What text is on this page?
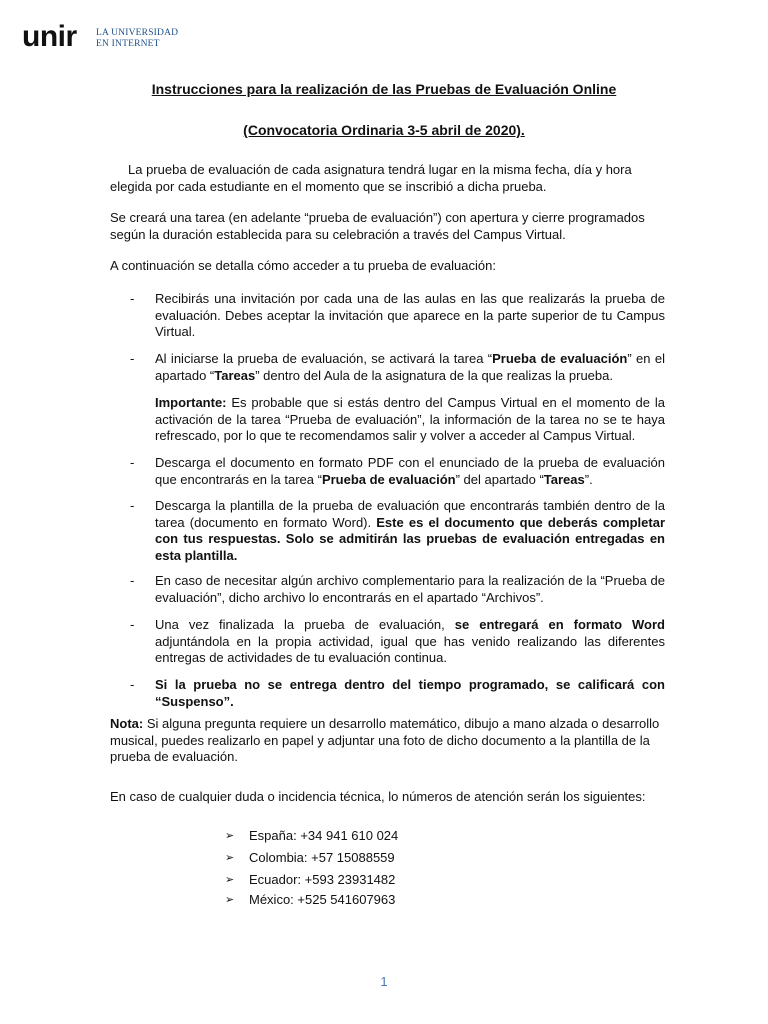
unir LA UNIVERSIDAD
EN INTERNET
Instrucciones para la realización de las Pruebas de Evaluación Online
(Convocatoria Ordinaria 3-5 abril de 2020).
La prueba de evaluación de cada asignatura tendrá lugar en la misma fecha, día y hora elegida por cada estudiante en el momento que se inscribió a dicha prueba.
Se creará una tarea (en adelante “prueba de evaluación”) con apertura y cierre programados según la duración establecida para su celebración a través del Campus Virtual.
A continuación se detalla cómo acceder a tu prueba de evaluación:
- Recibirás una invitación por cada una de las aulas en las que realizarás la prueba de evaluación. Debes aceptar la invitación que aparece en la parte superior de tu Campus Virtual.
- Al iniciarse la prueba de evaluación, se activará la tarea “Prueba de evaluación” en el apartado “Tareas” dentro del Aula de la asignatura de la que realizas la prueba.
Importante: Es probable que si estás dentro del Campus Virtual en el momento de la activación de la tarea “Prueba de evaluación”, la información de la tarea no se te haya refrescado, por lo que te recomendamos salir y volver a acceder al Campus Virtual.
- Descarga el documento en formato PDF con el enunciado de la prueba de evaluación que encontrarás en la tarea “Prueba de evaluación” del apartado “Tareas”.
- Descarga la plantilla de la prueba de evaluación que encontrarás también dentro de la tarea (documento en formato Word). Este es el documento que deberás completar con tus respuestas. Solo se admitirán las pruebas de evaluación entregadas en esta plantilla.
- En caso de necesitar algún archivo complementario para la realización de la “Prueba de evaluación”, dicho archivo lo encontrarás en el apartado “Archivos”.
- Una vez finalizada la prueba de evaluación, se entregará en formato Word adjuntándola en la propia actividad, igual que has venido realizando las diferentes entregas de actividades de tu evaluación continua.
- Si la prueba no se entrega dentro del tiempo programado, se calificará con “Suspenso”.
Nota: Si alguna pregunta requiere un desarrollo matemático, dibujo a mano alzada o desarrollo musical, puedes realizarlo en papel y adjuntar una foto de dicho documento a la plantilla de la prueba de evaluación.
En caso de cualquier duda o incidencia técnica, lo números de atención serán los siguientes:
➢ España: +34 941 610 024
➢ Colombia: +57 15088559
➢ Ecuador: +593 23931482
➢ México: +525 541607963
1
